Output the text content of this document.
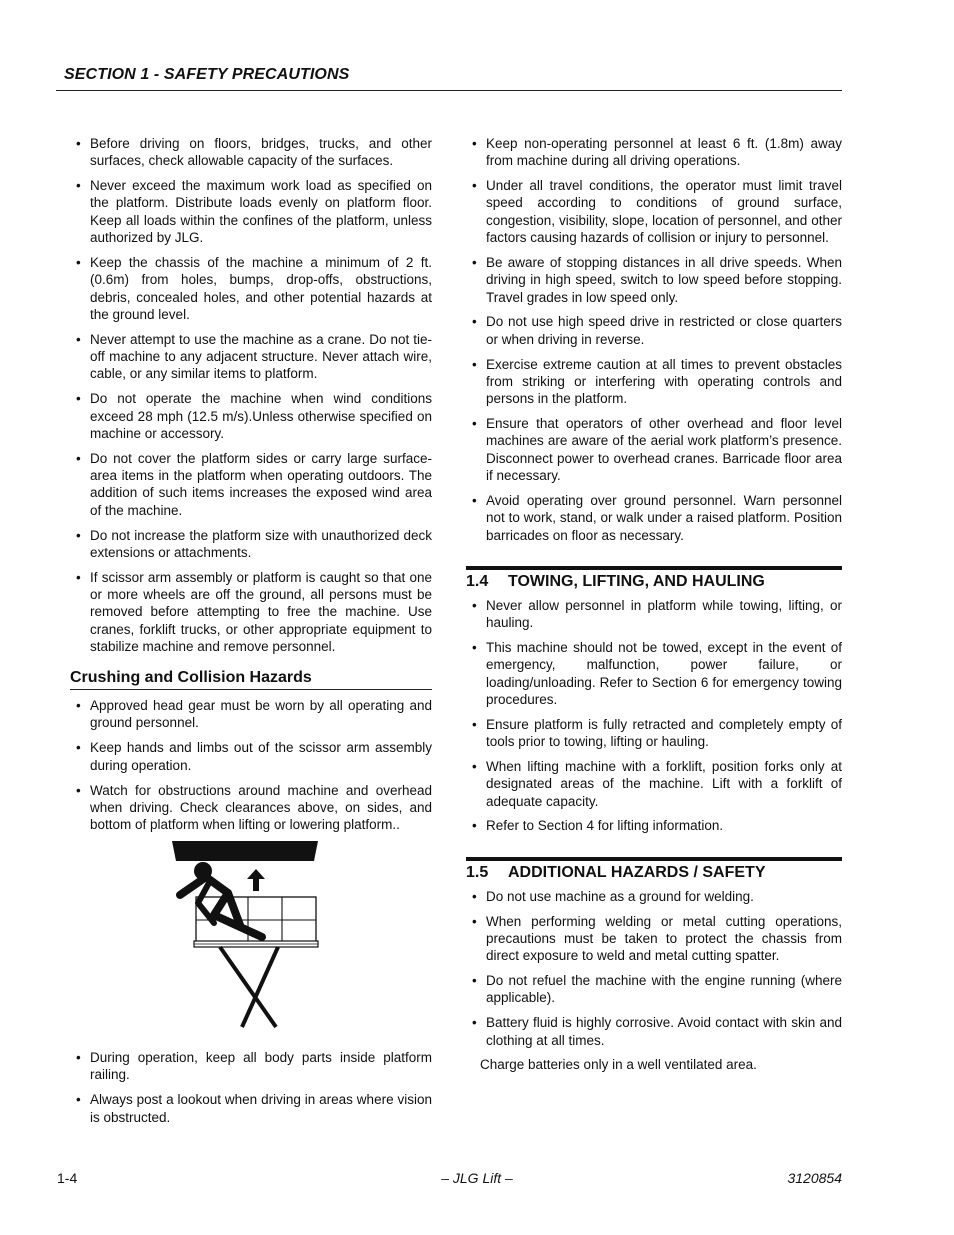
SECTION 1 - SAFETY PRECAUTIONS
• Before driving on floors, bridges, trucks, and other surfaces, check allowable capacity of the surfaces.
• Never exceed the maximum work load as specified on the platform. Distribute loads evenly on platform floor. Keep all loads within the confines of the platform, unless authorized by JLG.
• Keep the chassis of the machine a minimum of 2 ft. (0.6m) from holes, bumps, drop-offs, obstructions, debris, concealed holes, and other potential hazards at the ground level.
• Never attempt to use the machine as a crane. Do not tie-off machine to any adjacent structure. Never attach wire, cable, or any similar items to platform.
• Do not operate the machine when wind conditions exceed 28 mph (12.5 m/s).Unless otherwise specified on machine or accessory.
• Do not cover the platform sides or carry large surface-area items in the platform when operating outdoors. The addition of such items increases the exposed wind area of the machine.
• Do not increase the platform size with unauthorized deck extensions or attachments.
• If scissor arm assembly or platform is caught so that one or more wheels are off the ground, all persons must be removed before attempting to free the machine. Use cranes, forklift trucks, or other appropriate equipment to stabilize machine and remove personnel.
Crushing and Collision Hazards
• Approved head gear must be worn by all operating and ground personnel.
• Keep hands and limbs out of the scissor arm assembly during operation.
• Watch for obstructions around machine and overhead when driving. Check clearances above, on sides, and bottom of platform when lifting or lowering platform..
• During operation, keep all body parts inside platform railing.
• Always post a lookout when driving in areas where vision is obstructed.
• Keep non-operating personnel at least 6 ft. (1.8m) away from machine during all driving operations.
• Under all travel conditions, the operator must limit travel speed according to conditions of ground surface, congestion, visibility, slope, location of personnel, and other factors causing hazards of collision or injury to personnel.
• Be aware of stopping distances in all drive speeds. When driving in high speed, switch to low speed before stopping. Travel grades in low speed only.
• Do not use high speed drive in restricted or close quarters or when driving in reverse.
• Exercise extreme caution at all times to prevent obstacles from striking or interfering with operating controls and persons in the platform.
• Ensure that operators of other overhead and floor level machines are aware of the aerial work platform’s presence. Disconnect power to overhead cranes. Barricade floor area if necessary.
• Avoid operating over ground personnel. Warn personnel not to work, stand, or walk under a raised platform. Position barricades on floor as necessary.
1.4 TOWING, LIFTING, AND HAULING
• Never allow personnel in platform while towing, lifting, or hauling.
• This machine should not be towed, except in the event of emergency, malfunction, power failure, or loading/unloading. Refer to Section 6 for emergency towing procedures.
• Ensure platform is fully retracted and completely empty of tools prior to towing, lifting or hauling.
• When lifting machine with a forklift, position forks only at designated areas of the machine. Lift with a forklift of adequate capacity.
• Refer to Section 4 for lifting information.
1.5 ADDITIONAL HAZARDS / SAFETY
• Do not use machine as a ground for welding.
• When performing welding or metal cutting operations, precautions must be taken to protect the chassis from direct exposure to weld and metal cutting spatter.
• Do not refuel the machine with the engine running (where applicable).
• Battery fluid is highly corrosive. Avoid contact with skin and clothing at all times.
Charge batteries only in a well ventilated area.
1-4	– JLG Lift –	3120854
